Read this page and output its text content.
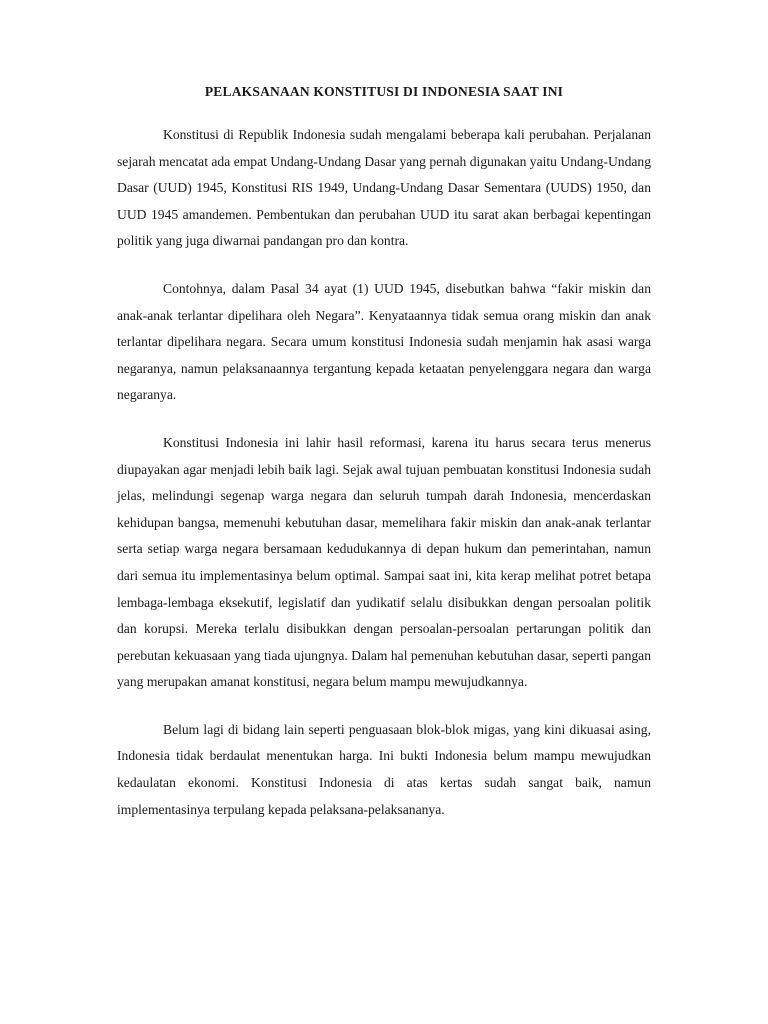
PELAKSANAAN KONSTITUSI DI INDONESIA SAAT INI

Konstitusi di Republik Indonesia sudah mengalami beberapa kali perubahan. Perjalanan sejarah mencatat ada empat Undang-Undang Dasar yang pernah digunakan yaitu Undang-Undang Dasar (UUD) 1945, Konstitusi RIS 1949, Undang-Undang Dasar Sementara (UUDS) 1950, dan UUD 1945 amandemen. Pembentukan dan perubahan UUD itu sarat akan berbagai kepentingan politik yang juga diwarnai pandangan pro dan kontra.

Contohnya, dalam Pasal 34 ayat (1) UUD 1945, disebutkan bahwa “fakir miskin dan anak-anak terlantar dipelihara oleh Negara”. Kenyataannya tidak semua orang miskin dan anak terlantar dipelihara negara. Secara umum konstitusi Indonesia sudah menjamin hak asasi warga negaranya, namun pelaksanaannya tergantung kepada ketaatan penyelenggara negara dan warga negaranya.

Konstitusi Indonesia ini lahir hasil reformasi, karena itu harus secara terus menerus diupayakan agar menjadi lebih baik lagi. Sejak awal tujuan pembuatan konstitusi Indonesia sudah jelas, melindungi segenap warga negara dan seluruh tumpah darah Indonesia, mencerdaskan kehidupan bangsa, memenuhi kebutuhan dasar, memelihara fakir miskin dan anak-anak terlantar serta setiap warga negara bersamaan kedudukannya di depan hukum dan pemerintahan, namun dari semua itu implementasinya belum optimal. Sampai saat ini, kita kerap melihat potret betapa lembaga-lembaga eksekutif, legislatif dan yudikatif selalu disibukkan dengan persoalan politik dan korupsi. Mereka terlalu disibukkan dengan persoalan-persoalan pertarungan politik dan perebutan kekuasaan yang tiada ujungnya. Dalam hal pemenuhan kebutuhan dasar, seperti pangan yang merupakan amanat konstitusi, negara belum mampu mewujudkannya.

Belum lagi di bidang lain seperti penguasaan blok-blok migas, yang kini dikuasai asing, Indonesia tidak berdaulat menentukan harga. Ini bukti Indonesia belum mampu mewujudkan kedaulatan ekonomi. Konstitusi Indonesia di atas kertas sudah sangat baik, namun implementasinya terpulang kepada pelaksana-pelaksananya.
